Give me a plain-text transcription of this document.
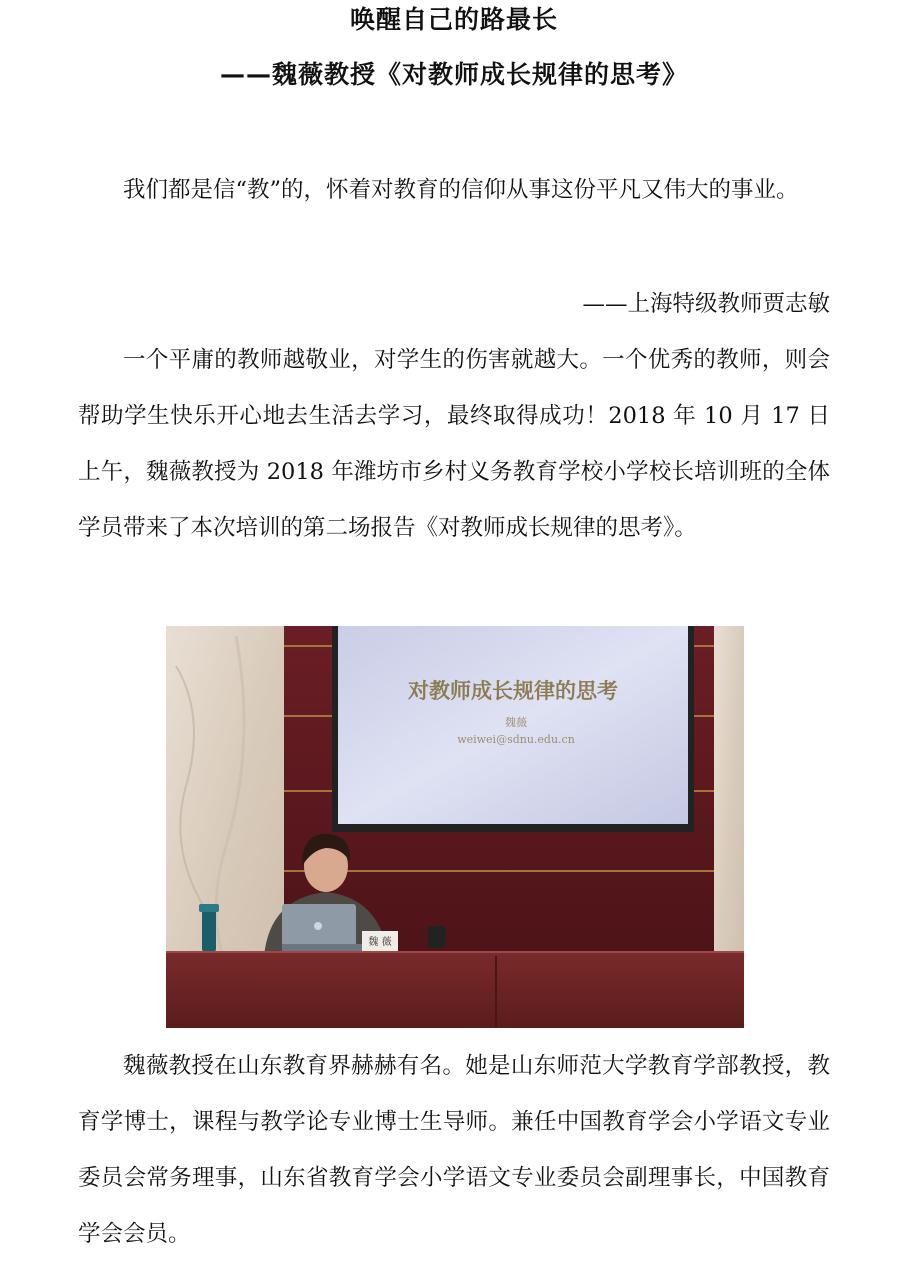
唤醒自己的路最长
——魏薇教授《对教师成长规律的思考》

我们都是信“教”的，怀着对教育的信仰从事这份平凡又伟大的事业。

——上海特级教师贾志敏

一个平庸的教师越敬业，对学生的伤害就越大。一个优秀的教师，则会帮助学生快乐开心地去生活去学习，最终取得成功！2018 年 10 月 17 日上午，魏薇教授为 2018 年潍坊市乡村义务教育学校小学校长培训班的全体学员带来了本次培训的第二场报告《对教师成长规律的思考》。

对教师成长规律的思考
魏薇
weiwei@sdnu.edu.cn
魏 薇

魏薇教授在山东教育界赫赫有名。她是山东师范大学教育学部教授，教育学博士，课程与教学论专业博士生导师。兼任中国教育学会小学语文专业委员会常务理事，山东省教育学会小学语文专业委员会副理事长，中国教育学会会员。
